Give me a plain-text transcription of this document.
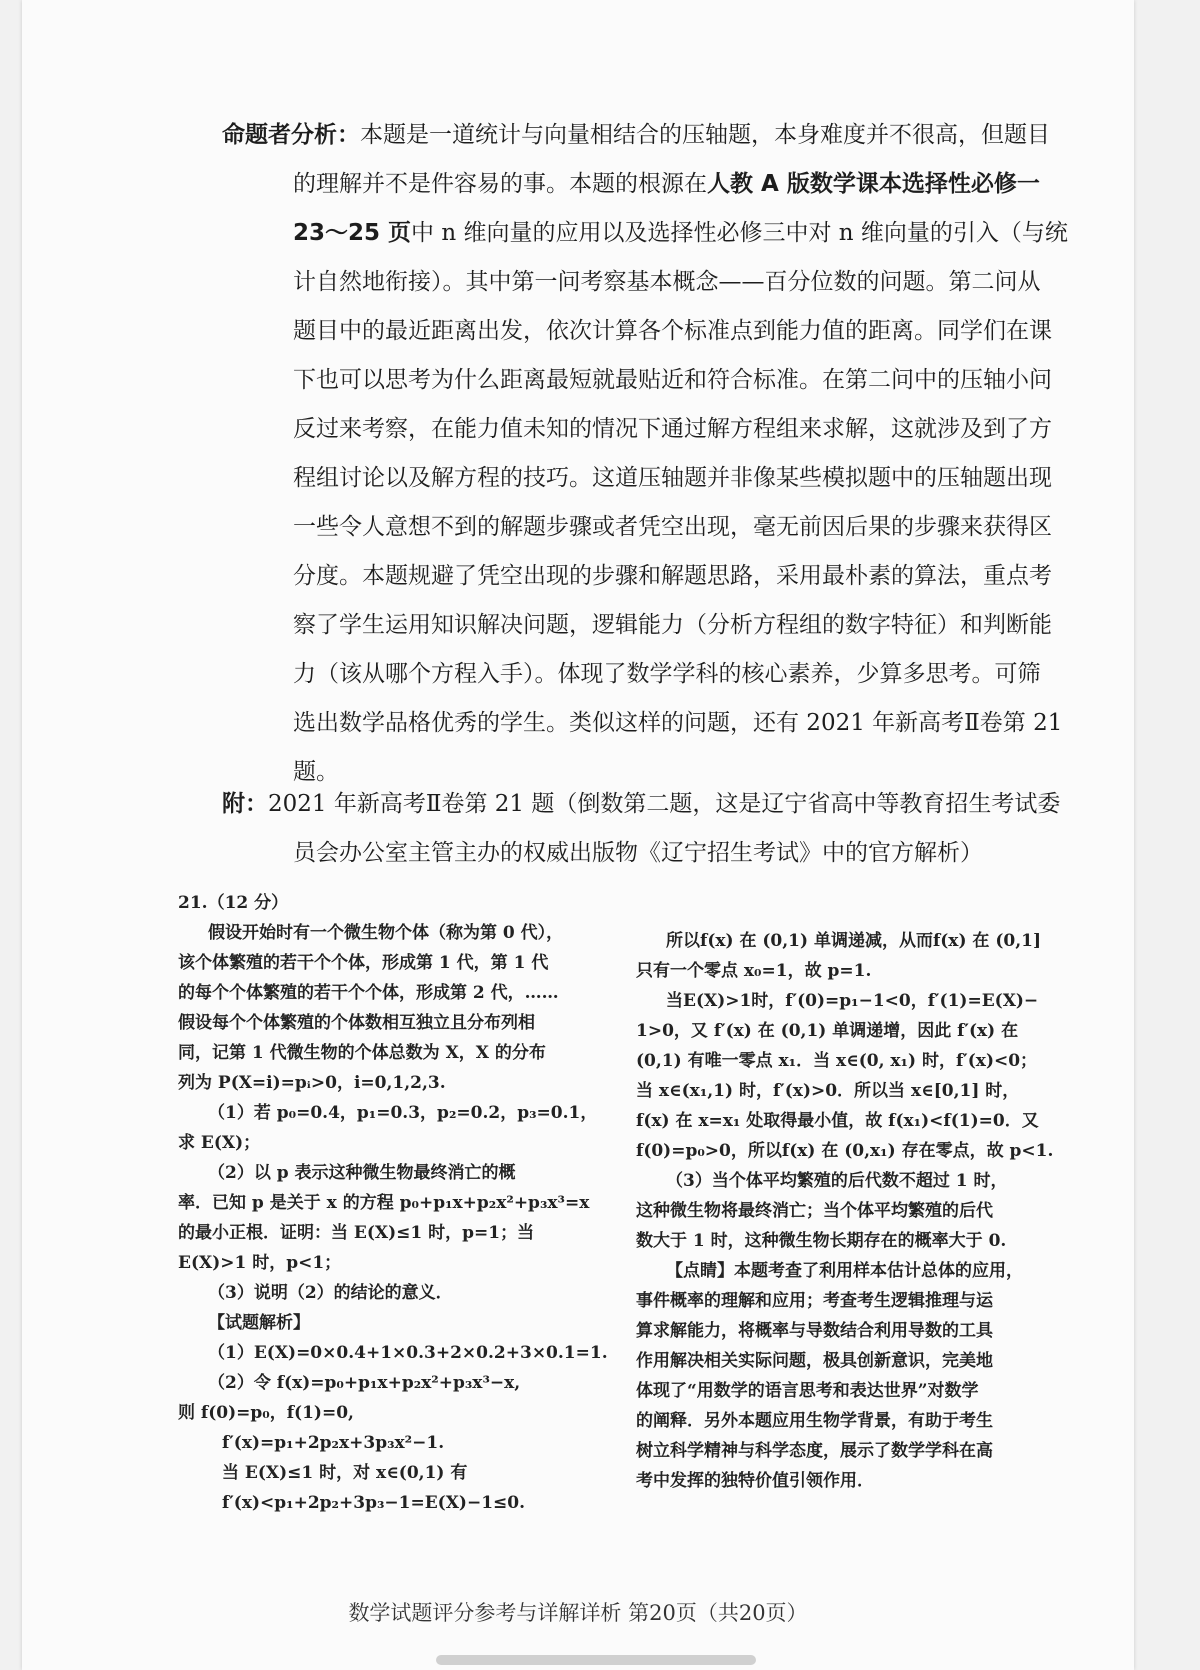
命题者分析：本题是一道统计与向量相结合的压轴题，本身难度并不很高，但题目
的理解并不是件容易的事。本题的根源在人教 A 版数学课本选择性必修一
23～25 页中 n 维向量的应用以及选择性必修三中对 n 维向量的引入（与统
计自然地衔接）。其中第一问考察基本概念——百分位数的问题。第二问从
题目中的最近距离出发，依次计算各个标准点到能力值的距离。同学们在课
下也可以思考为什么距离最短就最贴近和符合标准。在第二问中的压轴小问
反过来考察，在能力值未知的情况下通过解方程组来求解，这就涉及到了方
程组讨论以及解方程的技巧。这道压轴题并非像某些模拟题中的压轴题出现
一些令人意想不到的解题步骤或者凭空出现，毫无前因后果的步骤来获得区
分度。本题规避了凭空出现的步骤和解题思路，采用最朴素的算法，重点考
察了学生运用知识解决问题，逻辑能力（分析方程组的数字特征）和判断能
力（该从哪个方程入手）。体现了数学学科的核心素养，少算多思考。可筛
选出数学品格优秀的学生。类似这样的问题，还有 2021 年新高考Ⅱ卷第 21
题。
附：2021 年新高考Ⅱ卷第 21 题（倒数第二题，这是辽宁省高中等教育招生考试委
员会办公室主管主办的权威出版物《辽宁招生考试》中的官方解析）
21.（12 分）
假设开始时有一个微生物个体（称为第 0 代），
该个体繁殖的若干个个体，形成第 1 代，第 1 代
的每个个体繁殖的若干个个体，形成第 2 代，……
假设每个个体繁殖的个体数相互独立且分布列相
同，记第 1 代微生物的个体总数为 X，X 的分布
列为 P(X=i)=pᵢ>0，i=0,1,2,3.
（1）若 p₀=0.4，p₁=0.3，p₂=0.2，p₃=0.1，
求 E(X)；
（2）以 p 表示这种微生物最终消亡的概
率．已知 p 是关于 x 的方程 p₀+p₁x+p₂x²+p₃x³=x
的最小正根．证明：当 E(X)≤1 时，p=1；当
E(X)>1 时，p<1；
（3）说明（2）的结论的意义．
【试题解析】
（1）E(X)=0×0.4+1×0.3+2×0.2+3×0.1=1.
（2）令 f(x)=p₀+p₁x+p₂x²+p₃x³−x,
则 f(0)=p₀，f(1)=0,
f′(x)=p₁+2p₂x+3p₃x²−1.
当 E(X)≤1 时，对 x∈(0,1) 有
f′(x)<p₁+2p₂+3p₃−1=E(X)−1≤0.
所以f(x) 在 (0,1) 单调递减，从而f(x) 在 (0,1]
只有一个零点 x₀=1，故 p=1.
当E(X)>1时，f′(0)=p₁−1<0，f′(1)=E(X)−
1>0，又 f′(x) 在 (0,1) 单调递增，因此 f′(x) 在
(0,1) 有唯一零点 x₁．当 x∈(0, x₁) 时，f′(x)<0；
当 x∈(x₁,1) 时，f′(x)>0．所以当 x∈[0,1] 时，
f(x) 在 x=x₁ 处取得最小值，故 f(x₁)<f(1)=0．又
f(0)=p₀>0，所以f(x) 在 (0,x₁) 存在零点，故 p<1.
（3）当个体平均繁殖的后代数不超过 1 时，
这种微生物将最终消亡；当个体平均繁殖的后代
数大于 1 时，这种微生物长期存在的概率大于 0.
【点睛】本题考查了利用样本估计总体的应用，
事件概率的理解和应用；考查考生逻辑推理与运
算求解能力，将概率与导数结合利用导数的工具
作用解决相关实际问题，极具创新意识，完美地
体现了“用数学的语言思考和表达世界”对数学
的阐释．另外本题应用生物学背景，有助于考生
树立科学精神与科学态度，展示了数学学科在高
考中发挥的独特价值引领作用．
数学试题评分参考与详解详析 第20页（共20页）
